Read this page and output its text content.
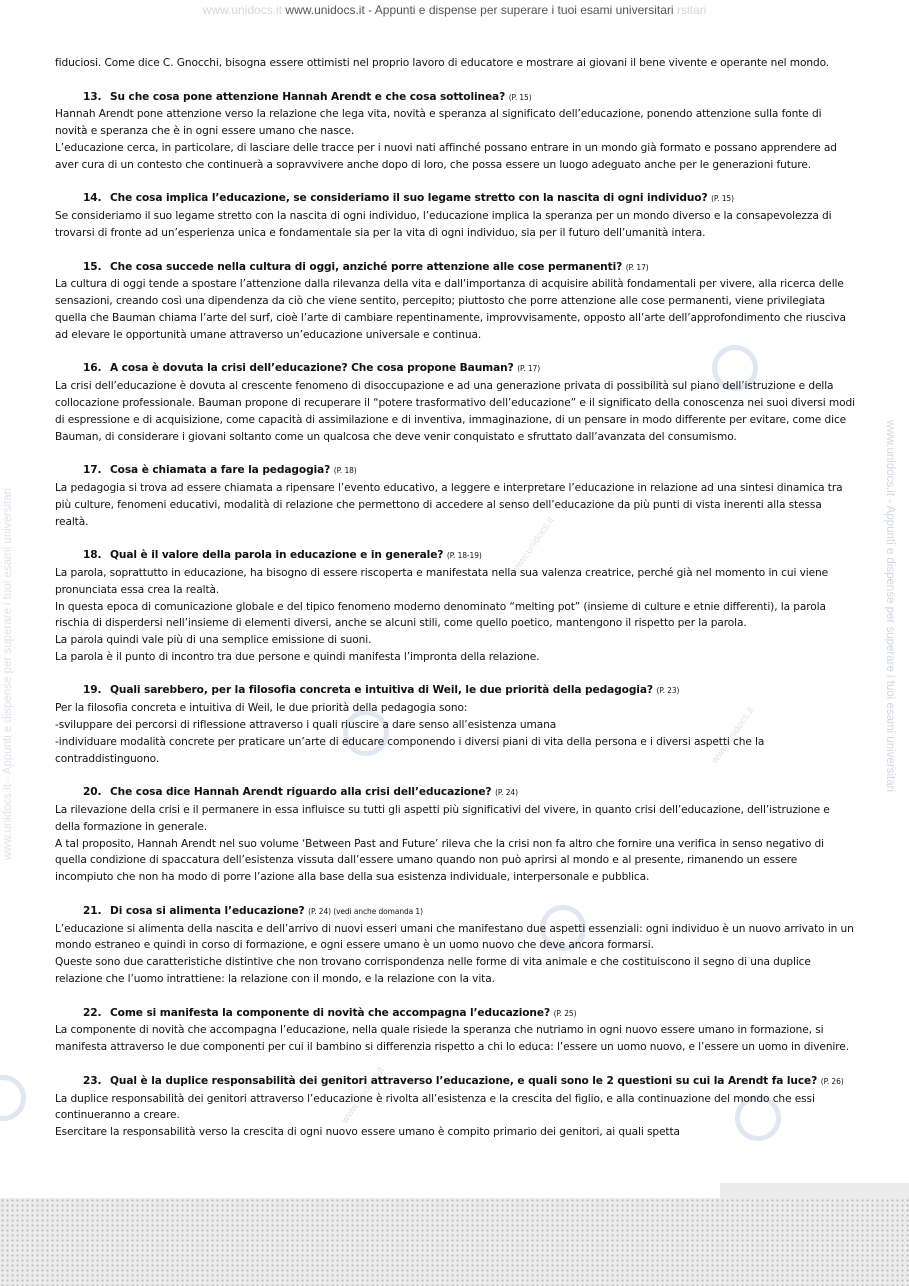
www.unidocs.it www.unidocs.it - Appunti e dispense per superare i tuoi esami universitari rsitari
www.unidocs.it - Appunti e dispense per superare i tuoi esami universitari
www.unidocs.it - Appunti e dispense per superare i tuoi esami universitari	www.unidocs.it
www.unidocs.it
www.unidocs.it

fiduciosi. Come dice C. Gnocchi, bisogna essere ottimisti nel proprio lavoro di educatore e mostrare ai giovani il bene vivente e operante nel mondo.

13. Su che cosa pone attenzione Hannah Arendt e che cosa sottolinea? (P. 15)

Hannah Arendt pone attenzione verso la relazione che lega vita, novità e speranza al significato dell’educazione, ponendo attenzione sulla fonte di novità e speranza che è in ogni essere umano che nasce.

L’educazione cerca, in particolare, di lasciare delle tracce per i nuovi nati affinché possano entrare in un mondo già formato e possano apprendere ad aver cura di un contesto che continuerà a sopravvivere anche dopo di loro, che possa essere un luogo adeguato anche per le generazioni future.

14. Che cosa implica l’educazione, se consideriamo il suo legame stretto con la nascita di ogni individuo? (P. 15)

Se consideriamo il suo legame stretto con la nascita di ogni individuo, l’educazione implica la speranza per un mondo diverso e la consapevolezza di trovarsi di fronte ad un’esperienza unica e fondamentale sia per la vita di ogni individuo, sia per il futuro dell’umanità intera.

15. Che cosa succede nella cultura di oggi, anziché porre attenzione alle cose permanenti? (P. 17)

La cultura di oggi tende a spostare l’attenzione dalla rilevanza della vita e dall’importanza di acquisire abilità fondamentali per vivere, alla ricerca delle sensazioni, creando così una dipendenza da ciò che viene sentito, percepito; piuttosto che porre attenzione alle cose permanenti, viene privilegiata quella che Bauman chiama l’arte del surf, cioè l’arte di cambiare repentinamente, improvvisamente, opposto all’arte dell’approfondimento che riusciva ad elevare le opportunità umane attraverso un’educazione universale e continua.

16. A cosa è dovuta la crisi dell’educazione? Che cosa propone Bauman? (P. 17)

La crisi dell’educazione è dovuta al crescente fenomeno di disoccupazione e ad una generazione privata di possibilità sul piano dell’istruzione e della collocazione professionale. Bauman propone di recuperare il “potere trasformativo dell’educazione” e il significato della conoscenza nei suoi diversi modi di espressione e di acquisizione, come capacità di assimilazione e di inventiva, immaginazione, di un pensare in modo differente per evitare, come dice Bauman, di considerare i giovani soltanto come un qualcosa che deve venir conquistato e sfruttato dall’avanzata del consumismo.

17. Cosa è chiamata a fare la pedagogia? (P. 18)

La pedagogia si trova ad essere chiamata a ripensare l’evento educativo, a leggere e interpretare l’educazione in relazione ad una sintesi dinamica tra più culture, fenomeni educativi, modalità di relazione che permettono di accedere al senso dell’educazione da più punti di vista inerenti alla stessa realtà.

18. Qual è il valore della parola in educazione e in generale? (P. 18-19)

La parola, soprattutto in educazione, ha bisogno di essere riscoperta e manifestata nella sua valenza creatrice, perché già nel momento in cui viene pronunciata essa crea la realtà.

In questa epoca di comunicazione globale e del tipico fenomeno moderno denominato “melting pot” (insieme di culture e etnie differenti), la parola rischia di disperdersi nell’insieme di elementi diversi, anche se alcuni stili, come quello poetico, mantengono il rispetto per la parola.

La parola quindi vale più di una semplice emissione di suoni.

La parola è il punto di incontro tra due persone e quindi manifesta l’impronta della relazione.

19. Quali sarebbero, per la filosofia concreta e intuitiva di Weil, le due priorità della pedagogia? (P. 23)

Per la filosofia concreta e intuitiva di Weil, le due priorità della pedagogia sono:

-sviluppare dei percorsi di riflessione attraverso i quali riuscire a dare senso all’esistenza umana

-individuare modalità concrete per praticare un’arte di educare componendo i diversi piani di vita della persona e i diversi aspetti che la contraddistinguono.

20. Che cosa dice Hannah Arendt riguardo alla crisi dell’educazione? (P. 24)

La rilevazione della crisi e il permanere in essa influisce su tutti gli aspetti più significativi del vivere, in quanto crisi dell’educazione, dell’istruzione e della formazione in generale.

A tal proposito, Hannah Arendt nel suo volume ‘Between Past and Future’ rileva che la crisi non fa altro che fornire una verifica in senso negativo di quella condizione di spaccatura dell’esistenza vissuta dall’essere umano quando non può aprirsi al mondo e al presente, rimanendo un essere incompiuto che non ha modo di porre l’azione alla base della sua esistenza individuale, interpersonale e pubblica.

21. Di cosa si alimenta l’educazione? (P. 24) (vedi anche domanda 1)

L’educazione si alimenta della nascita e dell’arrivo di nuovi esseri umani che manifestano due aspetti essenziali: ogni individuo è un nuovo arrivato in un mondo estraneo e quindi in corso di formazione, e ogni essere umano è un uomo nuovo che deve ancora formarsi.

Queste sono due caratteristiche distintive che non trovano corrispondenza nelle forme di vita animale e che costituiscono il segno di una duplice relazione che l’uomo intrattiene: la relazione con il mondo, e la relazione con la vita.

22. Come si manifesta la componente di novità che accompagna l’educazione? (P. 25)

La componente di novità che accompagna l’educazione, nella quale risiede la speranza che nutriamo in ogni nuovo essere umano in formazione, si manifesta attraverso le due componenti per cui il bambino si differenzia rispetto a chi lo educa: l’essere un uomo nuovo, e l’essere un uomo in divenire.

23. Qual è la duplice responsabilità dei genitori attraverso l’educazione, e quali sono le 2 questioni su cui la Arendt fa luce? (P. 26)

La duplice responsabilità dei genitori attraverso l’educazione è rivolta all’esistenza e la crescita del figlio, e alla continuazione del mondo che essi continueranno a creare.

Esercitare la responsabilità verso la crescita di ogni nuovo essere umano è compito primario dei genitori, ai quali spetta
